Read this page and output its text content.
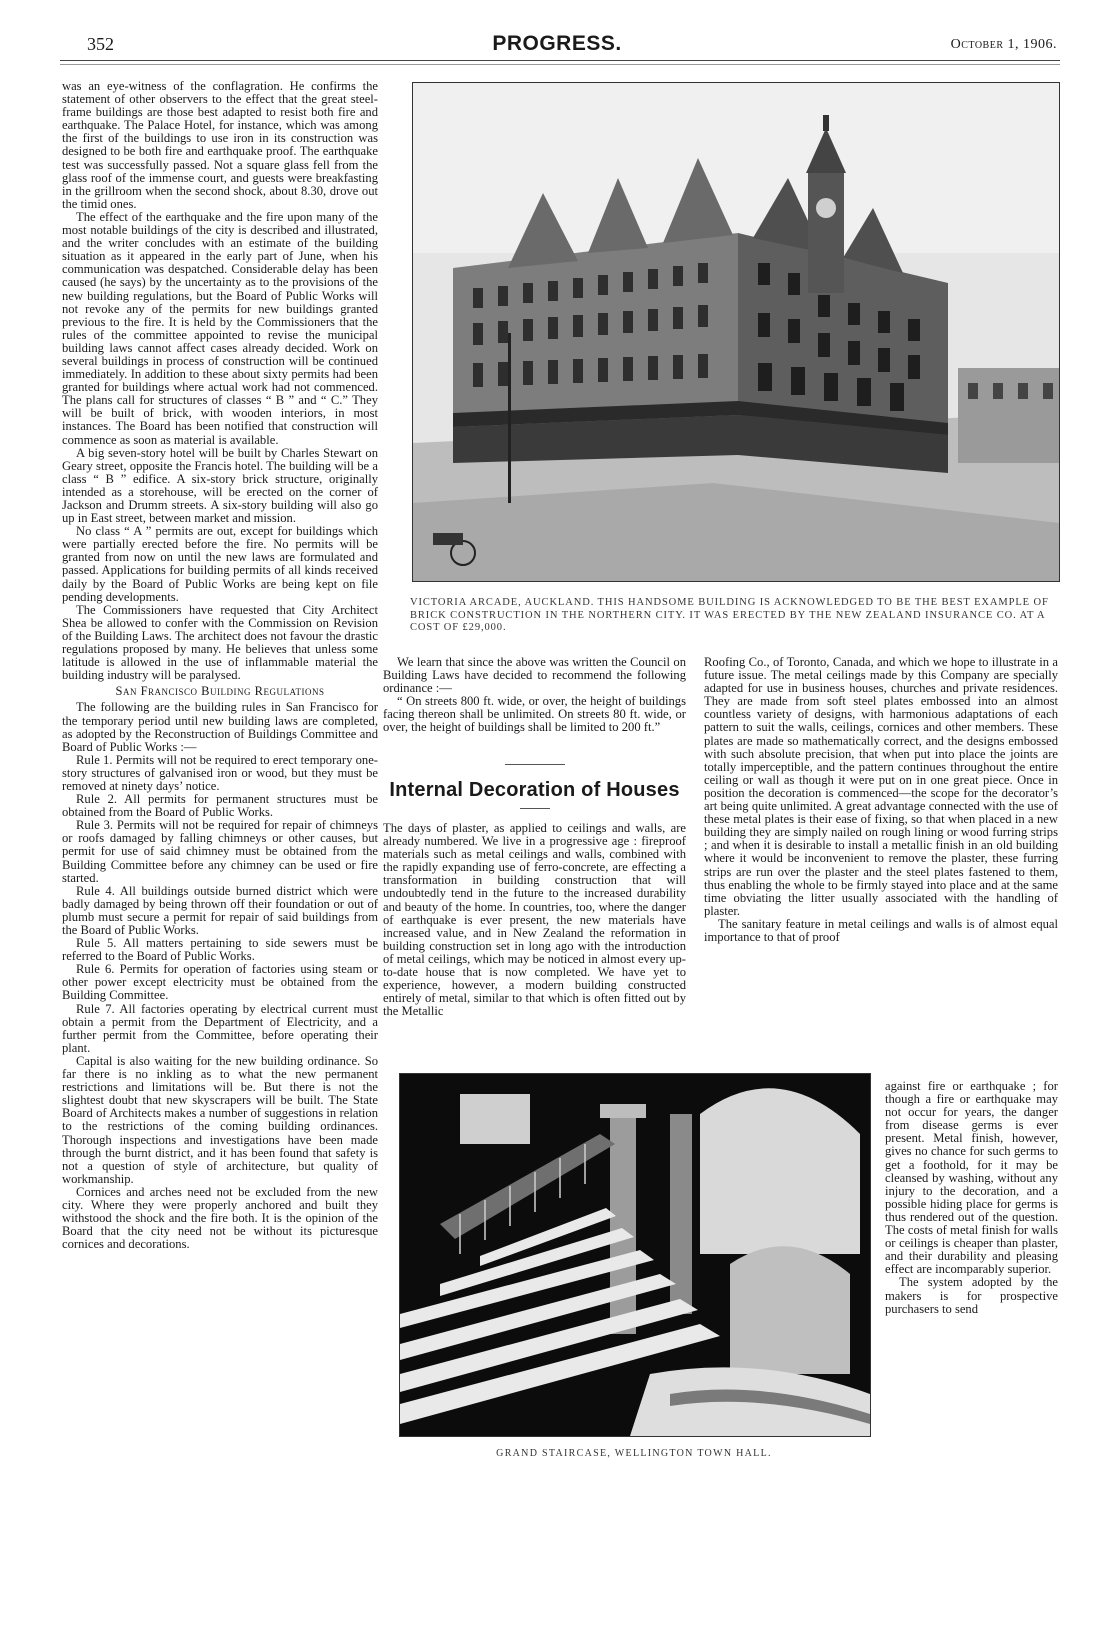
352	PROGRESS.	October 1, 1906.

was an eye-witness of the conflagration. He confirms the statement of other observers to the effect that the great steel-frame buildings are those best adapted to resist both fire and earthquake. The Palace Hotel, for instance, which was among the first of the buildings to use iron in its construction was designed to be both fire and earthquake proof. The earthquake test was successfully passed. Not a square glass fell from the glass roof of the immense court, and guests were breakfasting in the grillroom when the second shock, about 8.30, drove out the timid ones.

The effect of the earthquake and the fire upon many of the most notable buildings of the city is described and illustrated, and the writer concludes with an estimate of the building situation as it appeared in the early part of June, when his communication was despatched. Considerable delay has been caused (he says) by the uncertainty as to the provisions of the new building regulations, but the Board of Public Works will not revoke any of the permits for new buildings granted previous to the fire. It is held by the Commissioners that the rules of the committee appointed to revise the municipal building laws cannot affect cases already decided. Work on several buildings in process of construction will be continued immediately. In addition to these about sixty permits had been granted for buildings where actual work had not commenced. The plans call for structures of classes “ B ” and “ C.” They will be built of brick, with wooden interiors, in most instances. The Board has been notified that construction will commence as soon as material is available.

A big seven-story hotel will be built by Charles Stewart on Geary street, opposite the Francis hotel. The building will be a class “ B ” edifice. A six-story brick structure, originally intended as a storehouse, will be erected on the corner of Jackson and Drumm streets. A six-story building will also go up in East street, between market and mission.

No class “ A ” permits are out, except for buildings which were partially erected before the fire. No permits will be granted from now on until the new laws are formulated and passed. Applications for building permits of all kinds received daily by the Board of Public Works are being kept on file pending developments.

The Commissioners have requested that City Architect Shea be allowed to confer with the Commission on Revision of the Building Laws. The architect does not favour the drastic regulations proposed by many. He believes that unless some latitude is allowed in the use of inflammable material the building industry will be paralysed.

San Francisco Building Regulations

The following are the building rules in San Francisco for the temporary period until new building laws are completed, as adopted by the Reconstruction of Buildings Committee and Board of Public Works :—

Rule 1. Permits will not be required to erect temporary one-story structures of galvanised iron or wood, but they must be removed at ninety days’ notice.

Rule 2. All permits for permanent structures must be obtained from the Board of Public Works.

Rule 3. Permits will not be required for repair of chimneys or roofs damaged by falling chimneys or other causes, but permit for use of said chimney must be obtained from the Building Committee before any chimney can be used or fire started.

Rule 4. All buildings outside burned district which were badly damaged by being thrown off their foundation or out of plumb must secure a permit for repair of said buildings from the Board of Public Works.

Rule 5. All matters pertaining to side sewers must be referred to the Board of Public Works.

Rule 6. Permits for operation of factories using steam or other power except electricity must be obtained from the Building Committee.

Rule 7. All factories operating by electrical current must obtain a permit from the Department of Electricity, and a further permit from the Committee, before operating their plant.

Capital is also waiting for the new building ordinance. So far there is no inkling as to what the new permanent restrictions and limitations will be. But there is not the slightest doubt that new skyscrapers will be built. The State Board of Architects makes a number of suggestions in relation to the restrictions of the coming building ordinances. Thorough inspections and investigations have been made through the burnt district, and it has been found that safety is not a question of style of architecture, but quality of workmanship.

Cornices and arches need not be excluded from the new city. Where they were properly anchored and built they withstood the shock and the fire both. It is the opinion of the Board that the city need not be without its picturesque cornices and decorations.

VICTORIA ARCADE, AUCKLAND. THIS HANDSOME BUILDING IS ACKNOWLEDGED TO BE THE BEST EXAMPLE OF BRICK CONSTRUCTION IN THE NORTHERN CITY. IT WAS ERECTED BY THE NEW ZEALAND INSURANCE CO. AT A COST OF £29,000.

We learn that since the above was written the Council on Building Laws have decided to recommend the following ordinance :—

“ On streets 800 ft. wide, or over, the height of buildings facing thereon shall be unlimited. On streets 80 ft. wide, or over, the height of buildings shall be limited to 200 ft.”

Internal Decoration of Houses

The days of plaster, as applied to ceilings and walls, are already numbered. We live in a progressive age : fireproof materials such as metal ceilings and walls, combined with the rapidly expanding use of ferro-concrete, are effecting a transformation in building construction that will undoubtedly tend in the future to the increased durability and beauty of the home. In countries, too, where the danger of earthquake is ever present, the new materials have increased value, and in New Zealand the reformation in building construction set in long ago with the introduction of metal ceilings, which may be noticed in almost every up-to-date house that is now completed. We have yet to experience, however, a modern building constructed entirely of metal, similar to that which is often fitted out by the Metallic

Roofing Co., of Toronto, Canada, and which we hope to illustrate in a future issue. The metal ceilings made by this Company are specially adapted for use in business houses, churches and private residences. They are made from soft steel plates embossed into an almost countless variety of designs, with harmonious adaptations of each pattern to suit the walls, ceilings, cornices and other members. These plates are made so mathematically correct, and the designs embossed with such absolute precision, that when put into place the joints are totally imperceptible, and the pattern continues throughout the entire ceiling or wall as though it were put on in one great piece. Once in position the decoration is commenced—the scope for the decorator’s art being quite unlimited. A great advantage connected with the use of these metal plates is their ease of fixing, so that when placed in a new building they are simply nailed on rough lining or wood furring strips ; and when it is desirable to install a metallic finish in an old building where it would be inconvenient to remove the plaster, these furring strips are run over the plaster and the steel plates fastened to them, thus enabling the whole to be firmly stayed into place and at the same time obviating the litter usually associated with the handling of plaster.

The sanitary feature in metal ceilings and walls is of almost equal importance to that of proof

against fire or earthquake ; for though a fire or earthquake may not occur for years, the danger from disease germs is ever present. Metal finish, however, gives no chance for such germs to get a foothold, for it may be cleansed by washing, without any injury to the decoration, and a possible hiding place for germs is thus rendered out of the question. The costs of metal finish for walls or ceilings is cheaper than plaster, and their durability and pleasing effect are incomparably superior.

The system adopted by the makers is for prospective purchasers to send

GRAND STAIRCASE, WELLINGTON TOWN HALL.
